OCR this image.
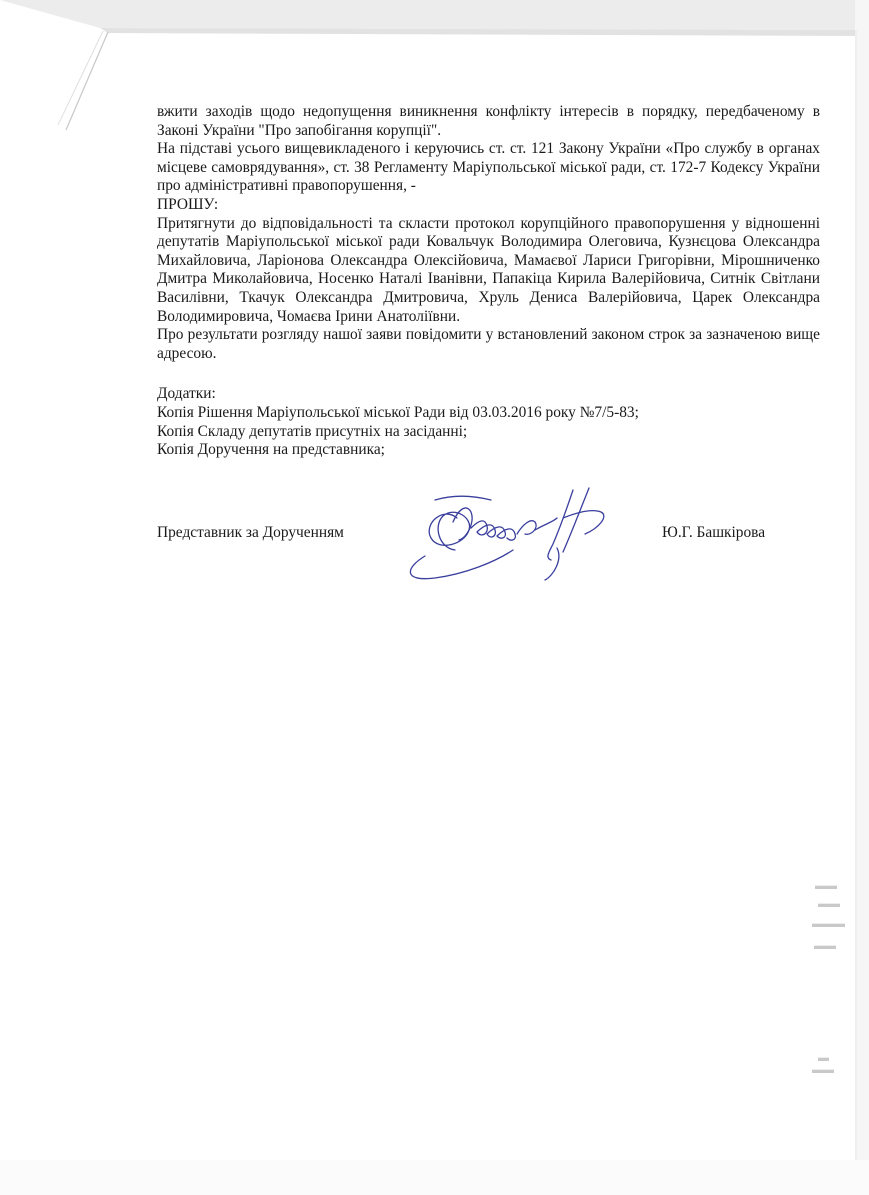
▬▬
▬▬
▬▬▬
▬▬
▬
▬▬

вжити заходів щодо недопущення виникнення конфлікту інтересів в порядку, передбаченому в Законі України "Про запобігання корупції".

На підставі усього вищевикладеного і керуючись ст. ст. 121 Закону України «Про службу в органах місцеве самоврядування», ст. 38 Регламенту Маріупольської міської ради, ст. 172-7 Кодексу України про адміністративні правопорушення, -

ПРОШУ:

Притягнути до відповідальності та скласти протокол корупційного правопорушення у відношенні депутатів Маріупольської міської ради Ковальчук Володимира Олеговича, Кузнєцова Олександра Михайловича, Ларіонова Олександра Олексійовича, Мамаєвої Лариси Григорівни, Мірошниченко Дмитра Миколайовича, Носенко Наталі Іванівни, Папакіца Кирила Валерійовича, Ситнік Світлани Василівни, Ткачук Олександра Дмитровича, Хруль Дениса Валерійовича, Царек Олександра Володимировича, Чомаєва Ірини Анатоліївни.

Про результати розгляду нашої заяви повідомити у встановлений законом строк за зазначеною вище адресою.

Додатки:

Копія Рішення Маріупольської міської Ради від 03.03.2016 року №7/5-83;

Копія Складу депутатів присутніх на засіданні;

Копія Доручення на представника;

Представник за Дорученням	Ю.Г. Башкірова
